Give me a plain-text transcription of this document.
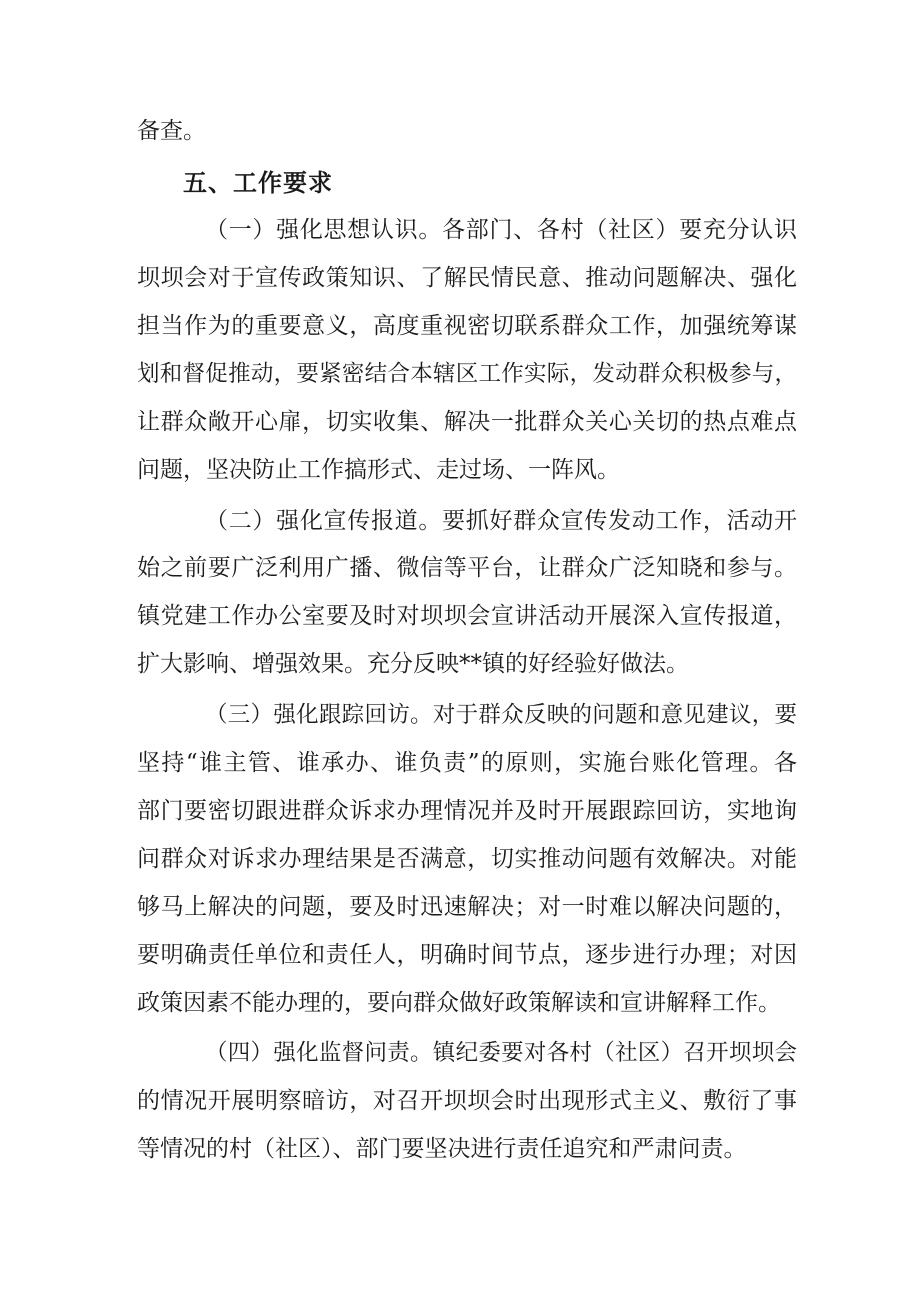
备查。
五、工作要求
（一）强化思想认识。各部门、各村（社区）要充分认识
坝坝会对于宣传政策知识、了解民情民意、推动问题解决、强化
担当作为的重要意义，高度重视密切联系群众工作，加强统筹谋
划和督促推动，要紧密结合本辖区工作实际，发动群众积极参与，
让群众敞开心扉，切实收集、解决一批群众关心关切的热点难点
问题，坚决防止工作搞形式、走过场、一阵风。
（二）强化宣传报道。要抓好群众宣传发动工作，活动开
始之前要广泛利用广播、微信等平台，让群众广泛知晓和参与。
镇党建工作办公室要及时对坝坝会宣讲活动开展深入宣传报道，
扩大影响、增强效果。充分反映**镇的好经验好做法。
（三）强化跟踪回访。对于群众反映的问题和意见建议，要
坚持“谁主管、谁承办、谁负责”的原则，实施台账化管理。各
部门要密切跟进群众诉求办理情况并及时开展跟踪回访，实地询
问群众对诉求办理结果是否满意，切实推动问题有效解决。对能
够马上解决的问题，要及时迅速解决；对一时难以解决问题的，
要明确责任单位和责任人，明确时间节点，逐步进行办理；对因
政策因素不能办理的，要向群众做好政策解读和宣讲解释工作。
（四）强化监督问责。镇纪委要对各村（社区）召开坝坝会
的情况开展明察暗访，对召开坝坝会时出现形式主义、敷衍了事
等情况的村（社区）、部门要坚决进行责任追究和严肃问责。
